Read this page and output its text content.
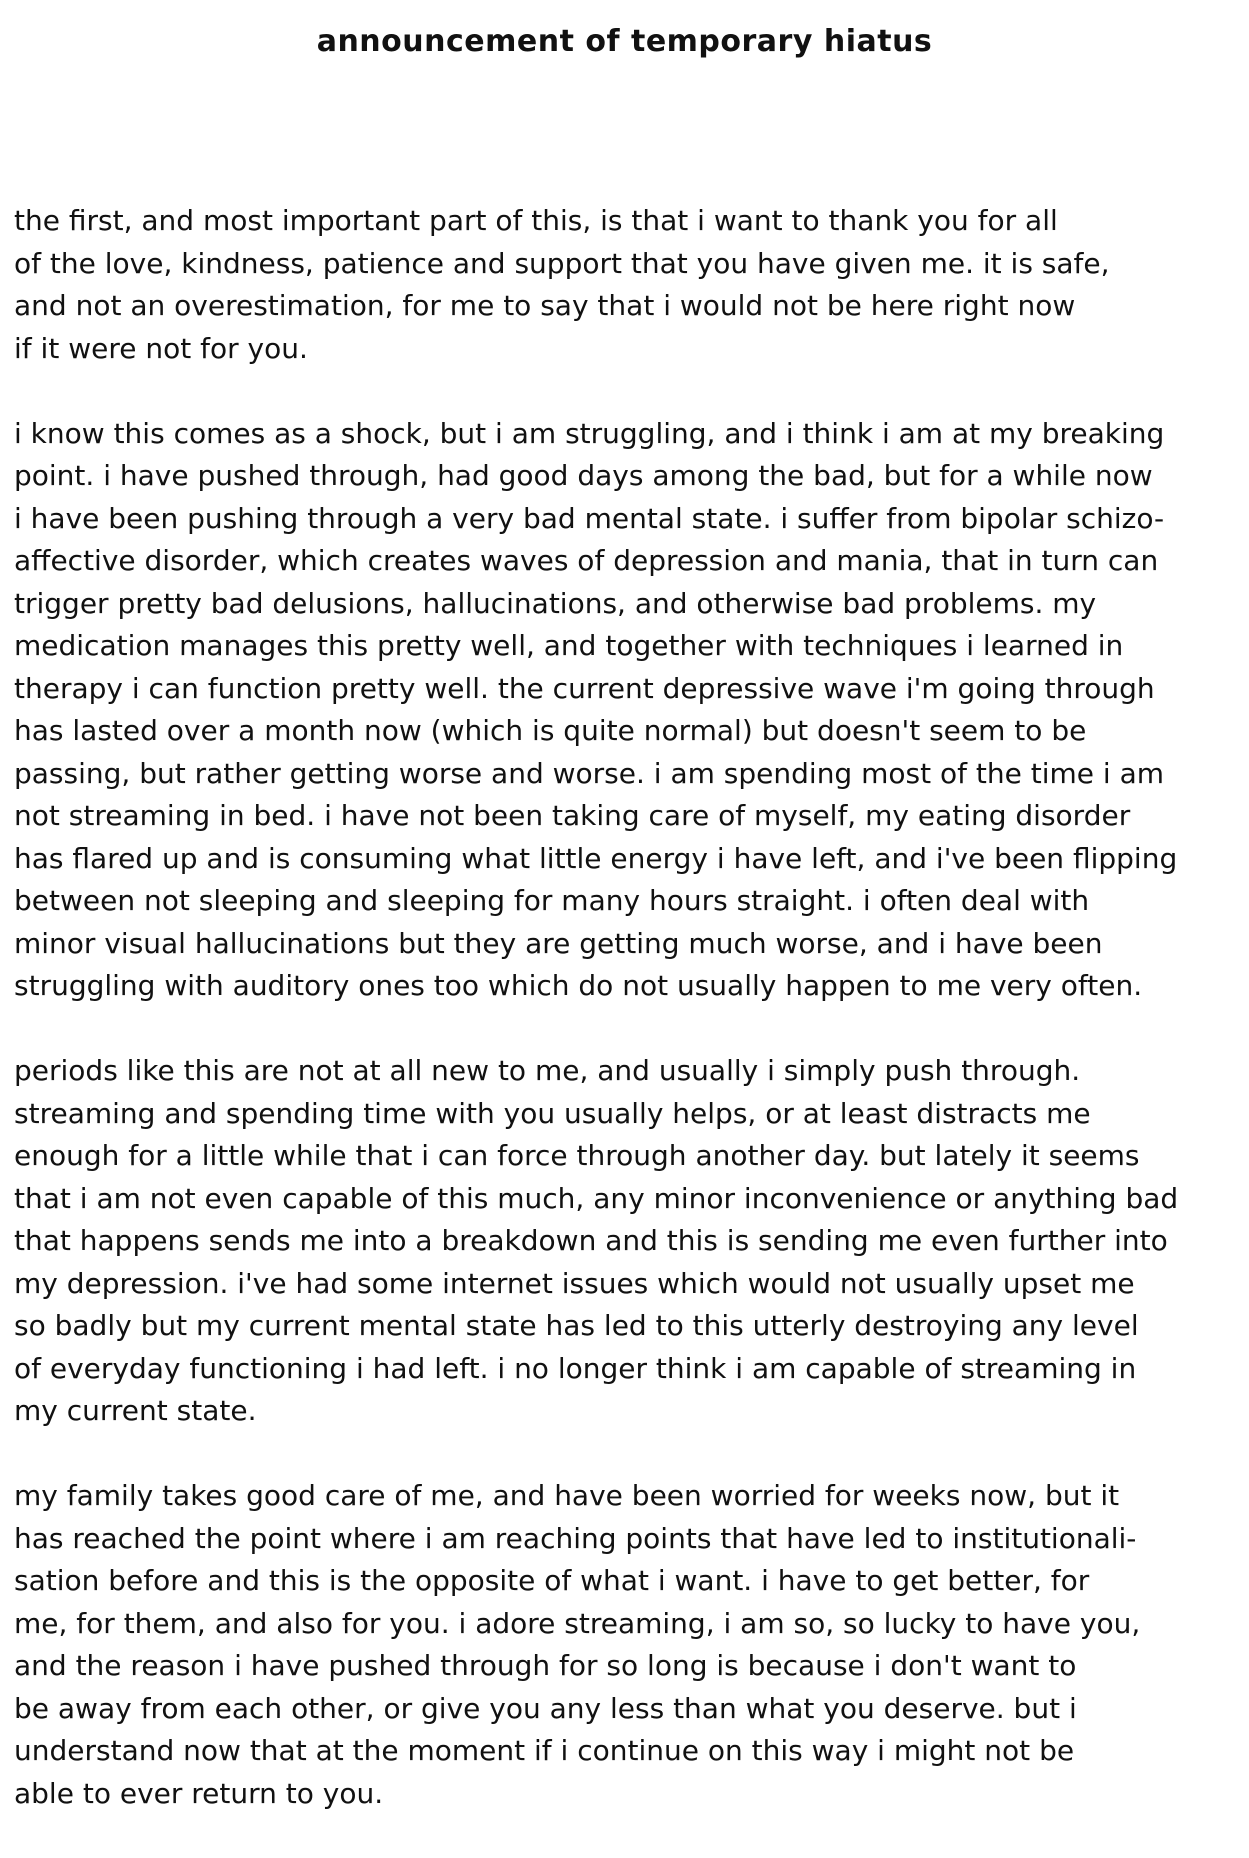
announcement of temporary hiatus
the first, and most important part of this, is that i want to thank you for all
of the love, kindness, patience and support that you have given me. it is safe,
and not an overestimation, for me to say that i would not be here right now
if it were not for you.
i know this comes as a shock, but i am struggling, and i think i am at my breaking
point. i have pushed through, had good days among the bad, but for a while now
i have been pushing through a very bad mental state. i suffer from bipolar schizo-
affective disorder, which creates waves of depression and mania, that in turn can
trigger pretty bad delusions, hallucinations, and otherwise bad problems. my
medication manages this pretty well, and together with techniques i learned in
therapy i can function pretty well. the current depressive wave i'm going through
has lasted over a month now (which is quite normal) but doesn't seem to be
passing, but rather getting worse and worse. i am spending most of the time i am
not streaming in bed. i have not been taking care of myself, my eating disorder
has flared up and is consuming what little energy i have left, and i've been flipping
between not sleeping and sleeping for many hours straight. i often deal with
minor visual hallucinations but they are getting much worse, and i have been
struggling with auditory ones too which do not usually happen to me very often.
periods like this are not at all new to me, and usually i simply push through.
streaming and spending time with you usually helps, or at least distracts me
enough for a little while that i can force through another day. but lately it seems
that i am not even capable of this much, any minor inconvenience or anything bad
that happens sends me into a breakdown and this is sending me even further into
my depression. i've had some internet issues which would not usually upset me
so badly but my current mental state has led to this utterly destroying any level
of everyday functioning i had left. i no longer think i am capable of streaming in
my current state.
my family takes good care of me, and have been worried for weeks now, but it
has reached the point where i am reaching points that have led to institutionali-
sation before and this is the opposite of what i want. i have to get better, for
me, for them, and also for you. i adore streaming, i am so, so lucky to have you,
and the reason i have pushed through for so long is because i don't want to
be away from each other, or give you any less than what you deserve. but i
understand now that at the moment if i continue on this way i might not be
able to ever return to you.
